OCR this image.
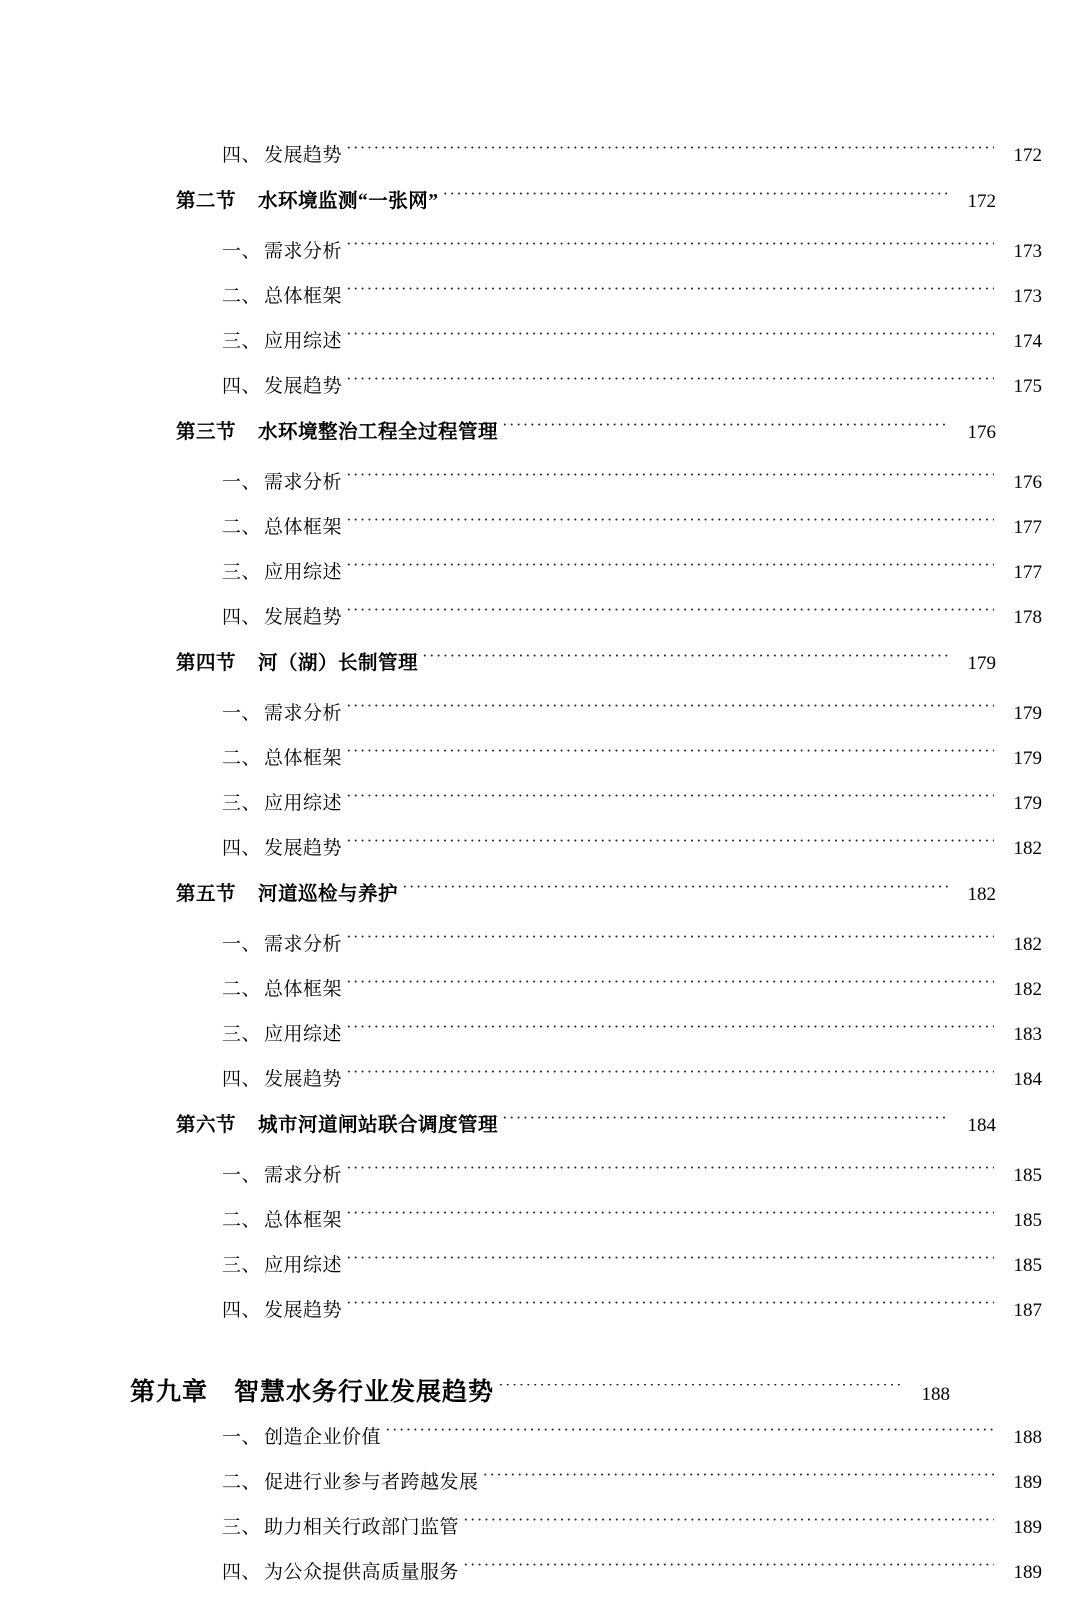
四、 发展趋势 ·····	172
第二节 水环境监测“一张网” ·····	172
一、 需求分析 ·····	173
二、 总体框架 ·····	173
三、 应用综述 ·····	174
四、 发展趋势 ·····	175
第三节 水环境整治工程全过程管理 ·····	176
一、 需求分析 ·····	176
二、 总体框架 ·····	177
三、 应用综述 ·····	177
四、 发展趋势 ·····	178
第四节 河（湖）长制管理 ·····	179
一、 需求分析 ·····	179
二、 总体框架 ·····	179
三、 应用综述 ·····	179
四、 发展趋势 ·····	182
第五节 河道巡检与养护 ·····	182
一、 需求分析 ·····	182
二、 总体框架 ·····	182
三、 应用综述 ·····	183
四、 发展趋势 ·····	184
第六节 城市河道闸站联合调度管理 ·····	184
一、 需求分析 ·····	185
二、 总体框架 ·····	185
三、 应用综述 ·····	185
四、 发展趋势 ·····	187
第九章 智慧水务行业发展趋势 ·····	188
一、 创造企业价值 ·····	188
二、 促进行业参与者跨越发展 ·····	189
三、 助力相关行政部门监管 ·····	189
四、 为公众提供高质量服务 ·····	189
